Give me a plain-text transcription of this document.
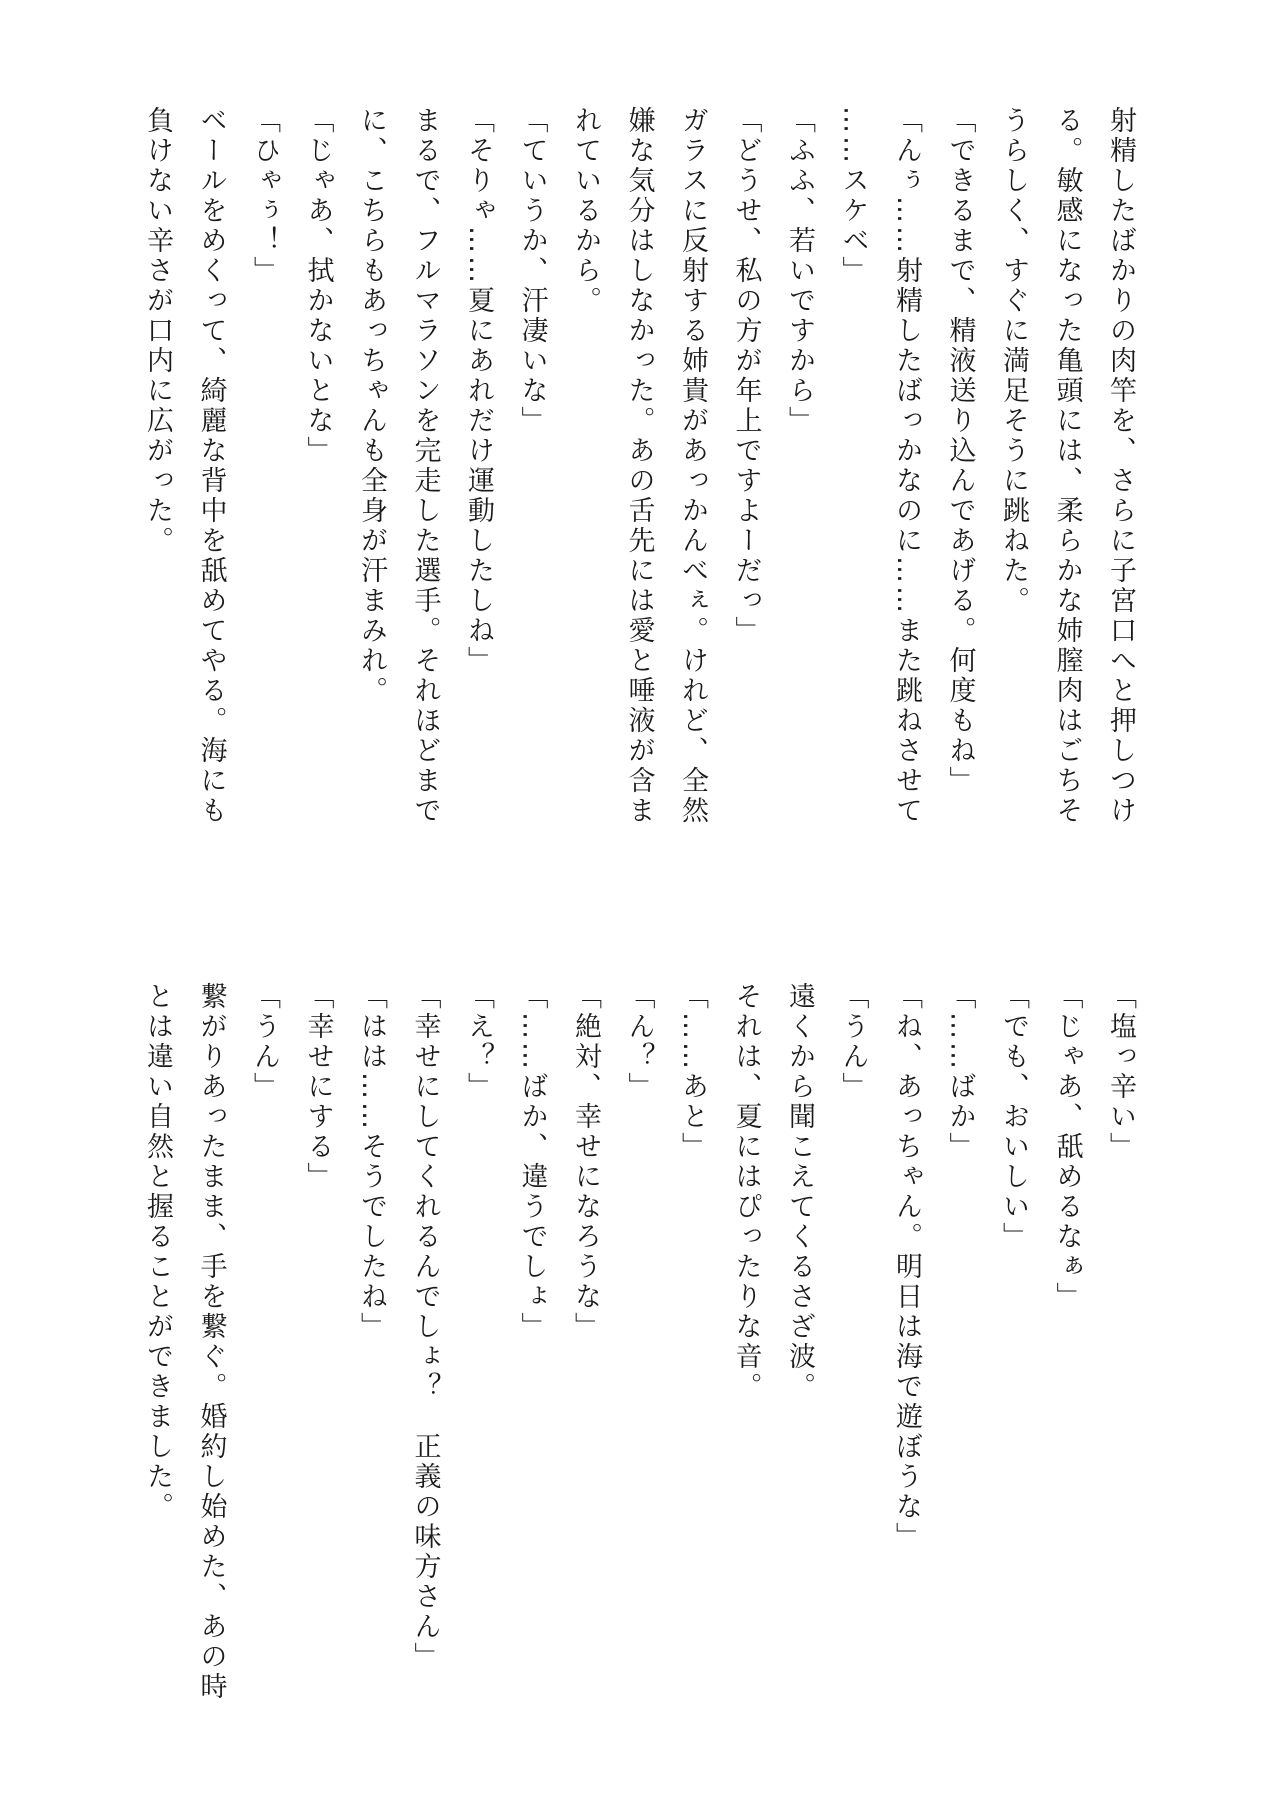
射精したばかりの肉竿を、さらに子宮口へと押しつけ

る。敏感になった亀頭には、柔らかな姉膣肉はごちそ

うらしく、すぐに満足そうに跳ねた。

「できるまで、精液送り込んであげる。何度もね」

「んぅ……射精したばっかなのに……また跳ねさせて

……スケベ」

「ふふ、若いですから」

「どうせ、私の方が年上ですよーだっ」

ガラスに反射する姉貴があっかんべぇ。けれど、全然

嫌な気分はしなかった。あの舌先には愛と唾液が含ま

れているから。

「ていうか、汗凄いな」

「そりゃ……夏にあれだけ運動したしね」

まるで、フルマラソンを完走した選手。それほどまで

に、こちらもあっちゃんも全身が汗まみれ。

「じゃあ、拭かないとな」

「ひゃぅ！」

ベールをめくって、綺麗な背中を舐めてやる。海にも

負けない辛さが口内に広がった。

「塩っ辛い」

「じゃあ、舐めるなぁ」

「でも、おいしい」

「……ばか」

「ね、あっちゃん。明日は海で遊ぼうな」

「うん」

遠くから聞こえてくるさざ波。

それは、夏にはぴったりな音。

「……あと」

「ん？」

「絶対、幸せになろうな」

「……ばか、違うでしょ」

「え？」

「幸せにしてくれるんでしょ？　正義の味方さん」

「はは……そうでしたね」

「幸せにする」

「うん」

繋がりあったまま、手を繋ぐ。婚約し始めた、あの時

とは違い自然と握ることができました。
